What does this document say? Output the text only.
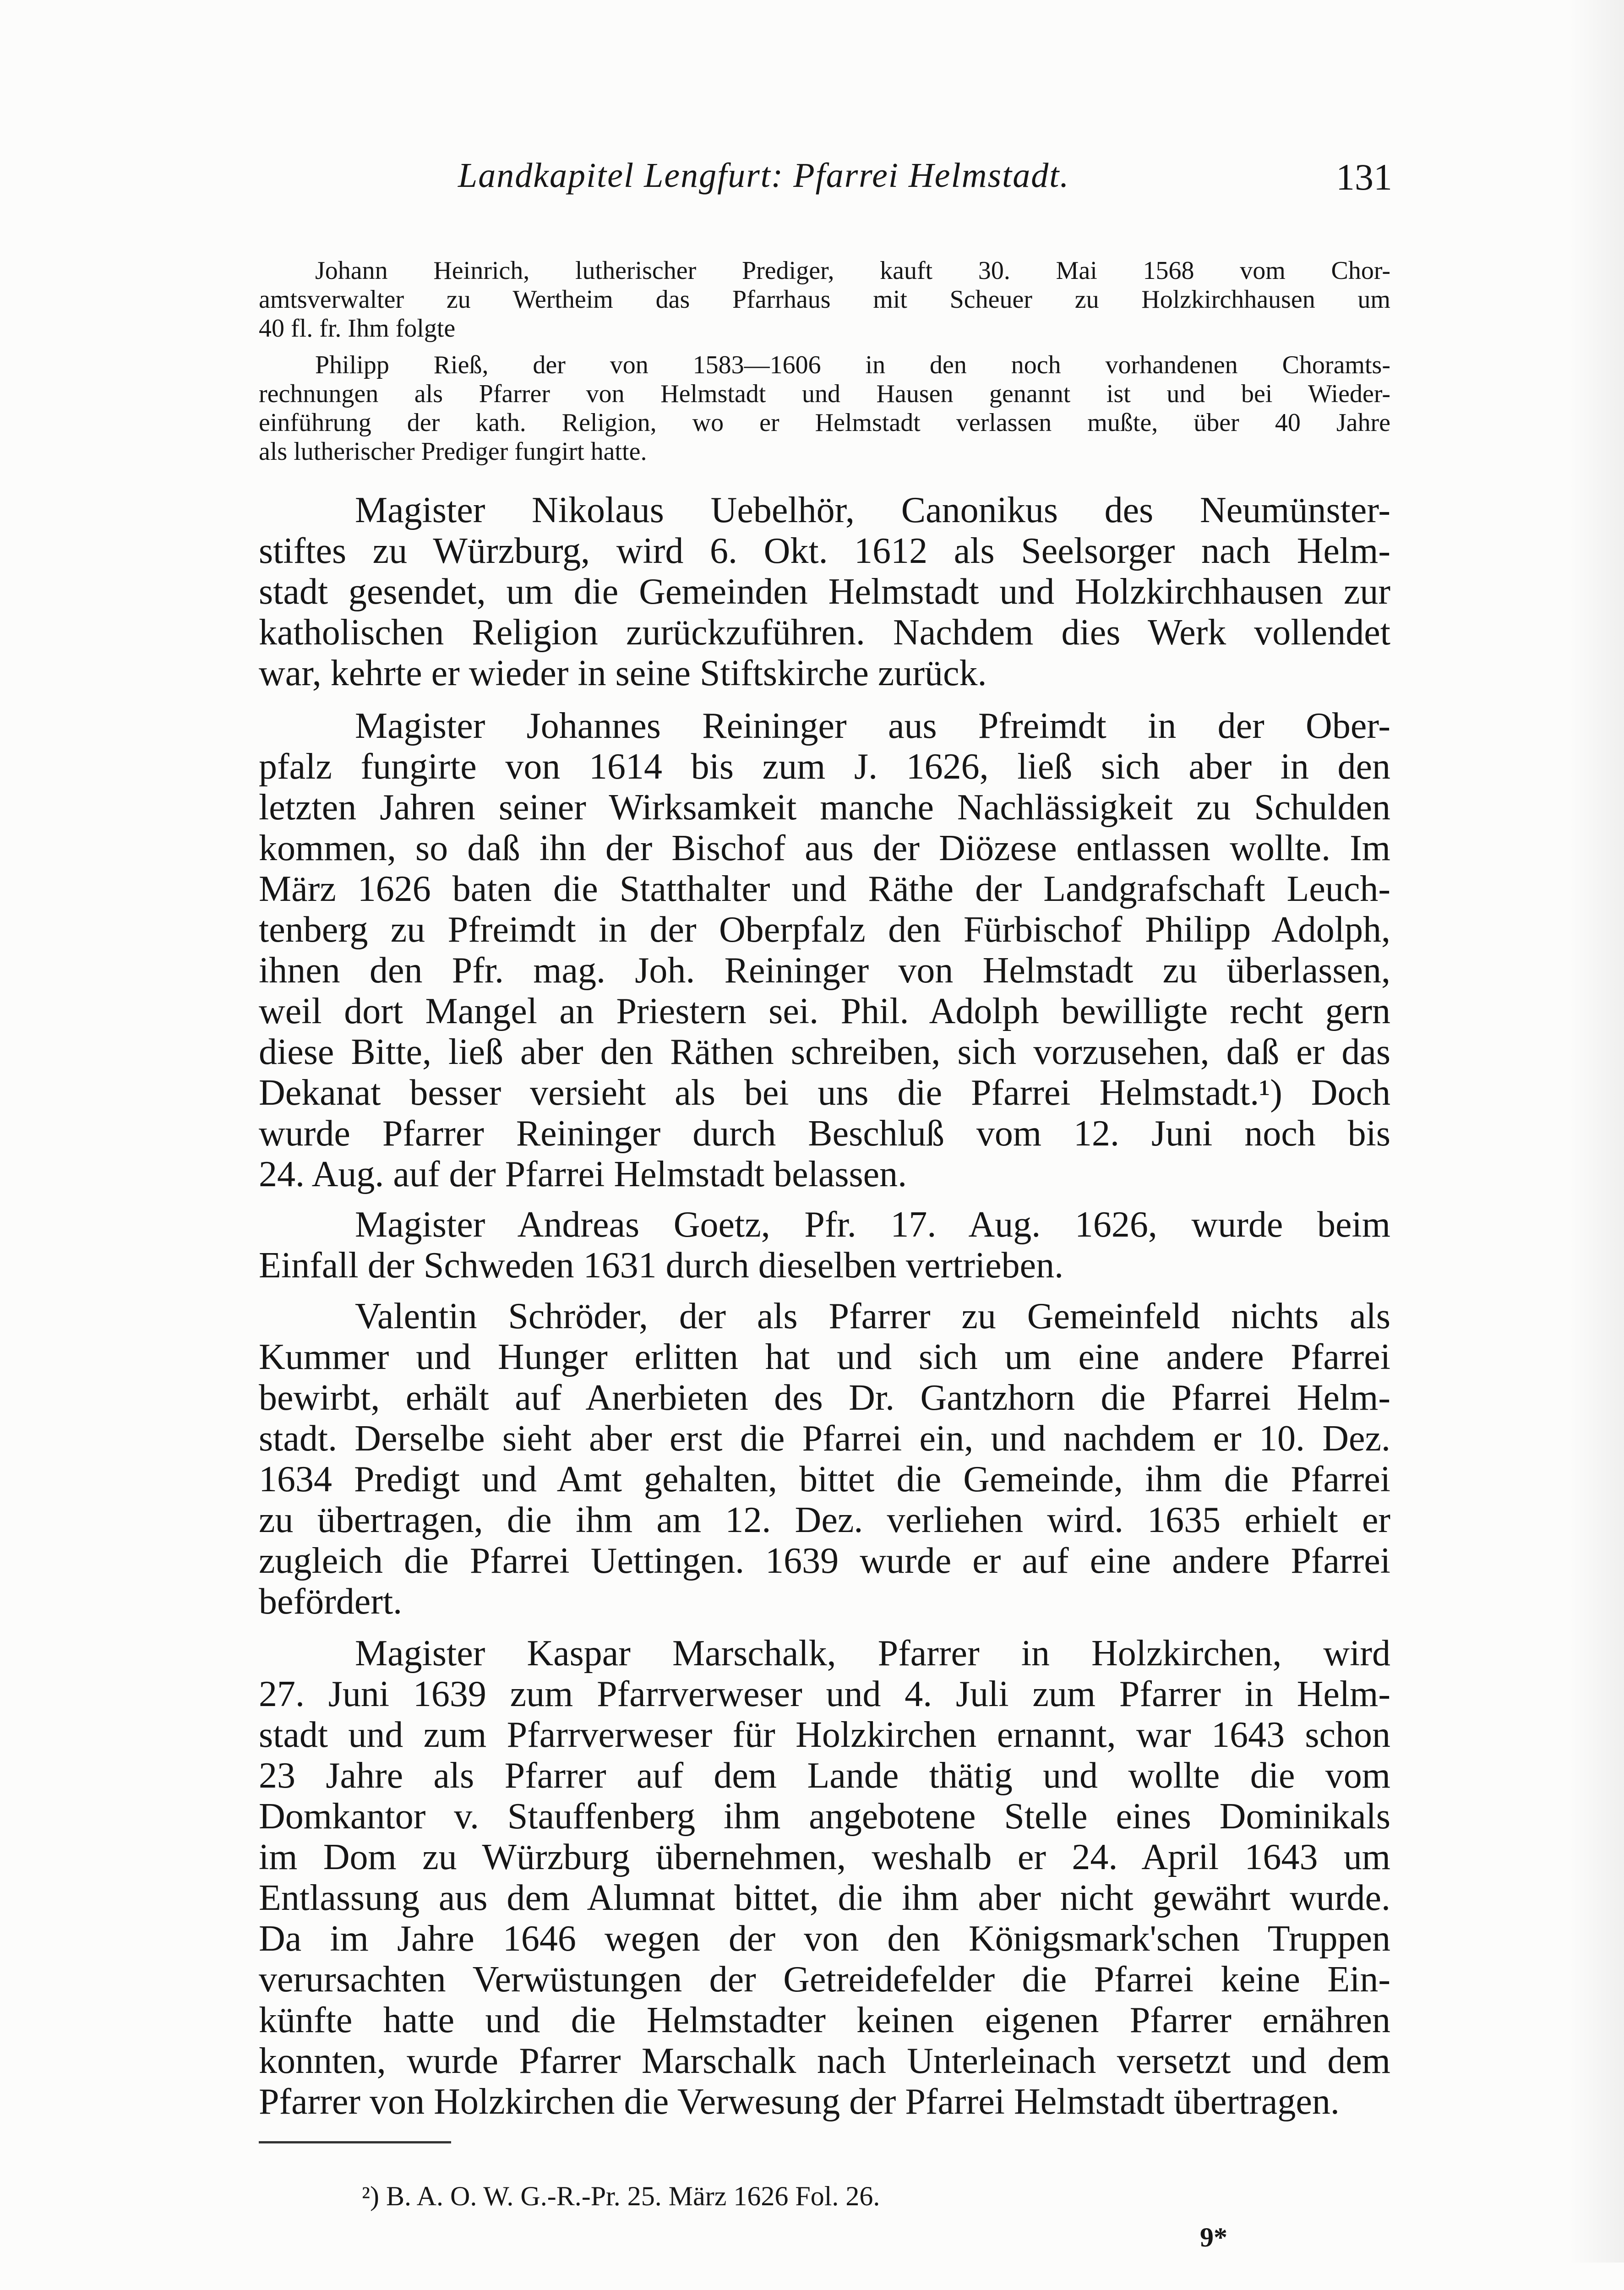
Landkapitel Lengfurt: Pfarrei Helmstadt.	131
Johann Heinrich, lutherischer Prediger, kauft 30. Mai 1568 vom Chor-
amtsverwalter zu Wertheim das Pfarrhaus mit Scheuer zu Holzkirchhausen um
40 fl. fr. Ihm folgte
Philipp Rieß, der von 1583—1606 in den noch vorhandenen Choramts-
rechnungen als Pfarrer von Helmstadt und Hausen genannt ist und bei Wieder-
einführung der kath. Religion, wo er Helmstadt verlassen mußte, über 40 Jahre
als lutherischer Prediger fungirt hatte.
Magister Nikolaus Uebelhör, Canonikus des Neumünster-
stiftes zu Würzburg, wird 6. Okt. 1612 als Seelsorger nach Helm-
stadt gesendet, um die Gemeinden Helmstadt und Holzkirchhausen zur
katholischen Religion zurückzuführen. Nachdem dies Werk vollendet
war, kehrte er wieder in seine Stiftskirche zurück.
Magister Johannes Reininger aus Pfreimdt in der Ober-
pfalz fungirte von 1614 bis zum J. 1626, ließ sich aber in den
letzten Jahren seiner Wirksamkeit manche Nachlässigkeit zu Schulden
kommen, so daß ihn der Bischof aus der Diözese entlassen wollte. Im
März 1626 baten die Statthalter und Räthe der Landgrafschaft Leuch-
tenberg zu Pfreimdt in der Oberpfalz den Fürbischof Philipp Adolph,
ihnen den Pfr. mag. Joh. Reininger von Helmstadt zu überlassen,
weil dort Mangel an Priestern sei. Phil. Adolph bewilligte recht gern
diese Bitte, ließ aber den Räthen schreiben, sich vorzusehen, daß er das
Dekanat besser versieht als bei uns die Pfarrei Helmstadt.¹) Doch
wurde Pfarrer Reininger durch Beschluß vom 12. Juni noch bis
24. Aug. auf der Pfarrei Helmstadt belassen.
Magister Andreas Goetz, Pfr. 17. Aug. 1626, wurde beim
Einfall der Schweden 1631 durch dieselben vertrieben.
Valentin Schröder, der als Pfarrer zu Gemeinfeld nichts als
Kummer und Hunger erlitten hat und sich um eine andere Pfarrei
bewirbt, erhält auf Anerbieten des Dr. Gantzhorn die Pfarrei Helm-
stadt. Derselbe sieht aber erst die Pfarrei ein, und nachdem er 10. Dez.
1634 Predigt und Amt gehalten, bittet die Gemeinde, ihm die Pfarrei
zu übertragen, die ihm am 12. Dez. verliehen wird. 1635 erhielt er
zugleich die Pfarrei Uettingen. 1639 wurde er auf eine andere Pfarrei
befördert.
Magister Kaspar Marschalk, Pfarrer in Holzkirchen, wird
27. Juni 1639 zum Pfarrverweser und 4. Juli zum Pfarrer in Helm-
stadt und zum Pfarrverweser für Holzkirchen ernannt, war 1643 schon
23 Jahre als Pfarrer auf dem Lande thätig und wollte die vom
Domkantor v. Stauffenberg ihm angebotene Stelle eines Dominikals
im Dom zu Würzburg übernehmen, weshalb er 24. April 1643 um
Entlassung aus dem Alumnat bittet, die ihm aber nicht gewährt wurde.
Da im Jahre 1646 wegen der von den Königsmark'schen Truppen
verursachten Verwüstungen der Getreidefelder die Pfarrei keine Ein-
künfte hatte und die Helmstadter keinen eigenen Pfarrer ernähren
konnten, wurde Pfarrer Marschalk nach Unterleinach versetzt und dem
Pfarrer von Holzkirchen die Verwesung der Pfarrei Helmstadt übertragen.
²) B. A. O. W. G.-R.-Pr. 25. März 1626 Fol. 26.
9*
